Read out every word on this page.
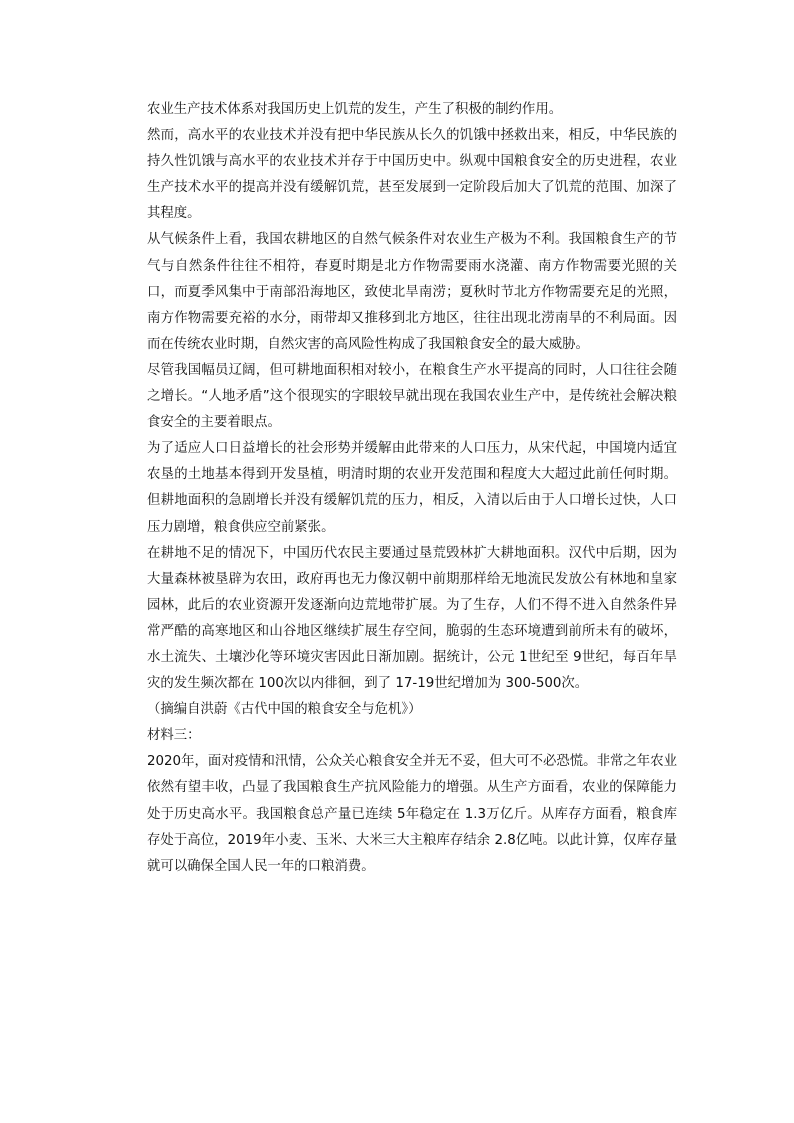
农业生产技术体系对我国历史上饥荒的发生，产生了积极的制约作用。

然而，高水平的农业技术并没有把中华民族从长久的饥饿中拯救出来，相反，中华民族的持久性饥饿与高水平的农业技术并存于中国历史中。纵观中国粮食安全的历史进程，农业生产技术水平的提高并没有缓解饥荒，甚至发展到一定阶段后加大了饥荒的范围、加深了其程度。

从气候条件上看，我国农耕地区的自然气候条件对农业生产极为不利。我国粮食生产的节气与自然条件往往不相符，春夏时期是北方作物需要雨水浇灌、南方作物需要光照的关口，而夏季风集中于南部沿海地区，致使北旱南涝；夏秋时节北方作物需要充足的光照，南方作物需要充裕的水分，雨带却又推移到北方地区，往往出现北涝南旱的不利局面。因而在传统农业时期，自然灾害的高风险性构成了我国粮食安全的最大威胁。

尽管我国幅员辽阔，但可耕地面积相对较小，在粮食生产水平提高的同时，人口往往会随之增长。“人地矛盾”这个很现实的字眼较早就出现在我国农业生产中，是传统社会解决粮食安全的主要着眼点。

为了适应人口日益增长的社会形势并缓解由此带来的人口压力，从宋代起，中国境内适宜农垦的土地基本得到开发垦植，明清时期的农业开发范围和程度大大超过此前任何时期。但耕地面积的急剧增长并没有缓解饥荒的压力，相反，入清以后由于人口增长过快，人口压力剧增，粮食供应空前紧张。

在耕地不足的情况下，中国历代农民主要通过垦荒毁林扩大耕地面积。汉代中后期，因为大量森林被垦辟为农田，政府再也无力像汉朝中前期那样给无地流民发放公有林地和皇家园林，此后的农业资源开发逐渐向边荒地带扩展。为了生存，人们不得不进入自然条件异常严酷的高寒地区和山谷地区继续扩展生存空间，脆弱的生态环境遭到前所未有的破坏，水土流失、土壤沙化等环境灾害因此日渐加剧。据统计，公元 1世纪至 9世纪，每百年旱灾的发生频次都在 100次以内徘徊，到了 17-19世纪增加为 300-500次。

（摘编自洪蔚《古代中国的粮食安全与危机》）

材料三：

2020年，面对疫情和汛情，公众关心粮食安全并无不妥，但大可不必恐慌。非常之年农业依然有望丰收，凸显了我国粮食生产抗风险能力的增强。从生产方面看，农业的保障能力处于历史高水平。我国粮食总产量已连续 5年稳定在 1.3万亿斤。从库存方面看，粮食库存处于高位，2019年小麦、玉米、大米三大主粮库存结余 2.8亿吨。以此计算，仅库存量就可以确保全国人民一年的口粮消费。
